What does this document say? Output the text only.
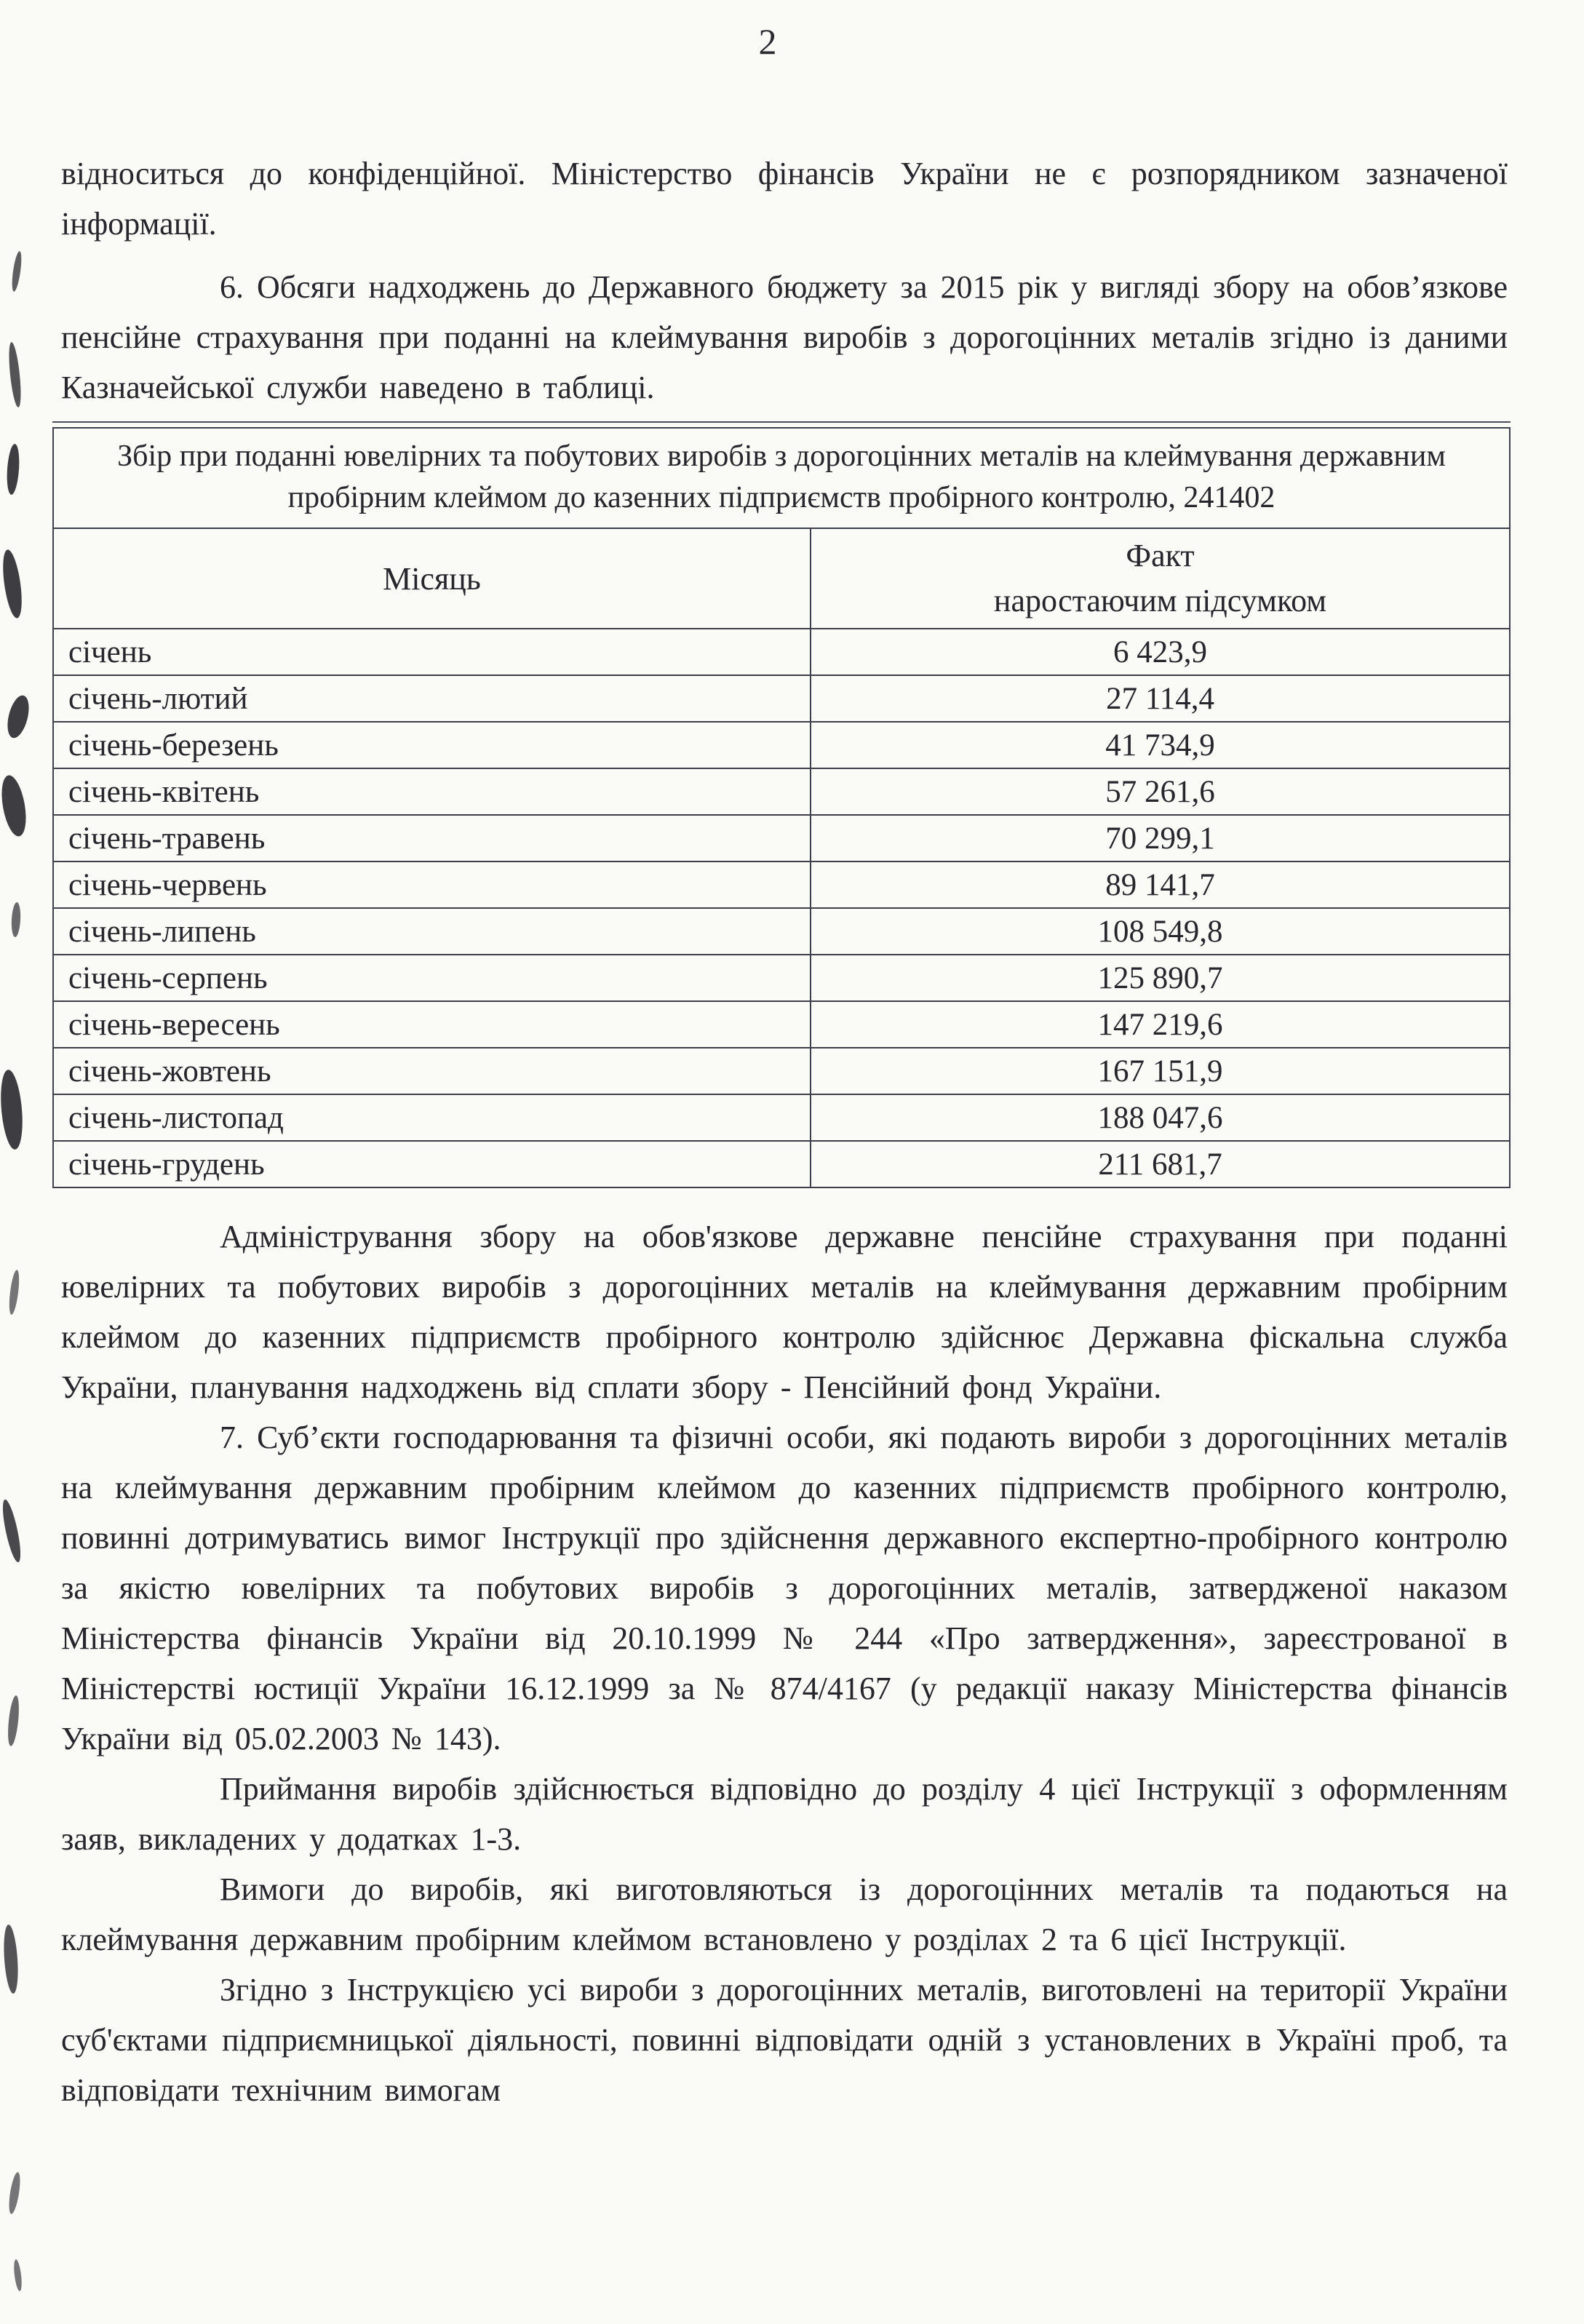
2

відноситься до конфіденційної. Міністерство фінансів України не є розпорядником зазначеної інформації.

6. Обсяги надходжень до Державного бюджету за 2015 рік у вигляді збору на обов’язкове пенсійне страхування при поданні на клеймування виробів з дорогоцінних металів згідно із даними Казначейської служби наведено в таблиці.

Збір при поданні ювелірних та побутових виробів з дорогоцінних металів на клеймування державним пробірним клеймом до казенних підприємств пробірного контролю, 241402	
Місяць	Факт
наростаючим підсумком

січень	6 423,9
січень-лютий	27 114,4
січень-березень	41 734,9
січень-квітень	57 261,6
січень-травень	70 299,1
січень-червень	89 141,7
січень-липень	108 549,8
січень-серпень	125 890,7
січень-вересень	147 219,6
січень-жовтень	167 151,9
січень-листопад	188 047,6
січень-грудень	211 681,7

Адміністрування збору на обов'язкове державне пенсійне страхування при поданні ювелірних та побутових виробів з дорогоцінних металів на клеймування державним пробірним клеймом до казенних підприємств пробірного контролю здійснює Державна фіскальна служба України, планування надходжень від сплати збору - Пенсійний фонд України.

7. Суб’єкти господарювання та фізичні особи, які подають вироби з дорогоцінних металів на клеймування державним пробірним клеймом до казенних підприємств пробірного контролю, повинні дотримуватись вимог Інструкції про здійснення державного експертно-пробірного контролю за якістю ювелірних та побутових виробів з дорогоцінних металів, затвердженої наказом Міністерства фінансів України від 20.10.1999 № 244 «Про затвердження», зареєстрованої в Міністерстві юстиції України 16.12.1999 за № 874/4167 (у редакції наказу Міністерства фінансів України від 05.02.2003 № 143).

Приймання виробів здійснюється відповідно до розділу 4 цієї Інструкції з оформленням заяв, викладених у додатках 1-3.

Вимоги до виробів, які виготовляються із дорогоцінних металів та подаються на клеймування державним пробірним клеймом встановлено у розділах 2 та 6 цієї Інструкції.

Згідно з Інструкцією усі вироби з дорогоцінних металів, виготовлені на території України суб'єктами підприємницької діяльності, повинні відповідати одній з установлених в Україні проб, та відповідати технічним вимогам
